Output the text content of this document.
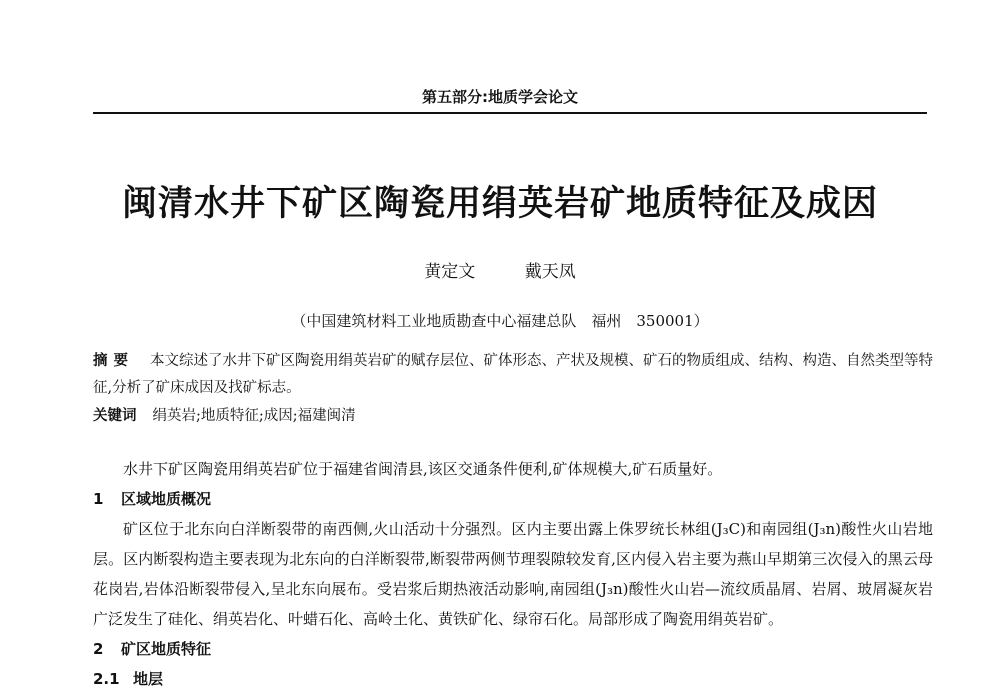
第五部分:地质学会论文
闽清水井下矿区陶瓷用绢英岩矿地质特征及成因
黄定文	戴天凤
（中国建筑材料工业地质勘查中心福建总队　福州　350001）
摘要 本文综述了水井下矿区陶瓷用绢英岩矿的赋存层位、矿体形态、产状及规模、矿石的物质组成、结构、构造、自然类型等特征,分析了矿床成因及找矿标志。
关键词 绢英岩;地质特征;成因;福建闽清

水井下矿区陶瓷用绢英岩矿位于福建省闽清县,该区交通条件便利,矿体规模大,矿石质量好。

1 区域地质概况

矿区位于北东向白洋断裂带的南西侧,火山活动十分强烈。区内主要出露上侏罗统长林组(J₃C)和南园组(J₃n)酸性火山岩地层。区内断裂构造主要表现为北东向的白洋断裂带,断裂带两侧节理裂隙较发育,区内侵入岩主要为燕山早期第三次侵入的黑云母花岗岩,岩体沿断裂带侵入,呈北东向展布。受岩浆后期热液活动影响,南园组(J₃n)酸性火山岩—流纹质晶屑、岩屑、玻屑凝灰岩广泛发生了硅化、绢英岩化、叶蜡石化、高岭土化、黄铁矿化、绿帘石化。局部形成了陶瓷用绢英岩矿。

2 矿区地质特征

2.1 地层
